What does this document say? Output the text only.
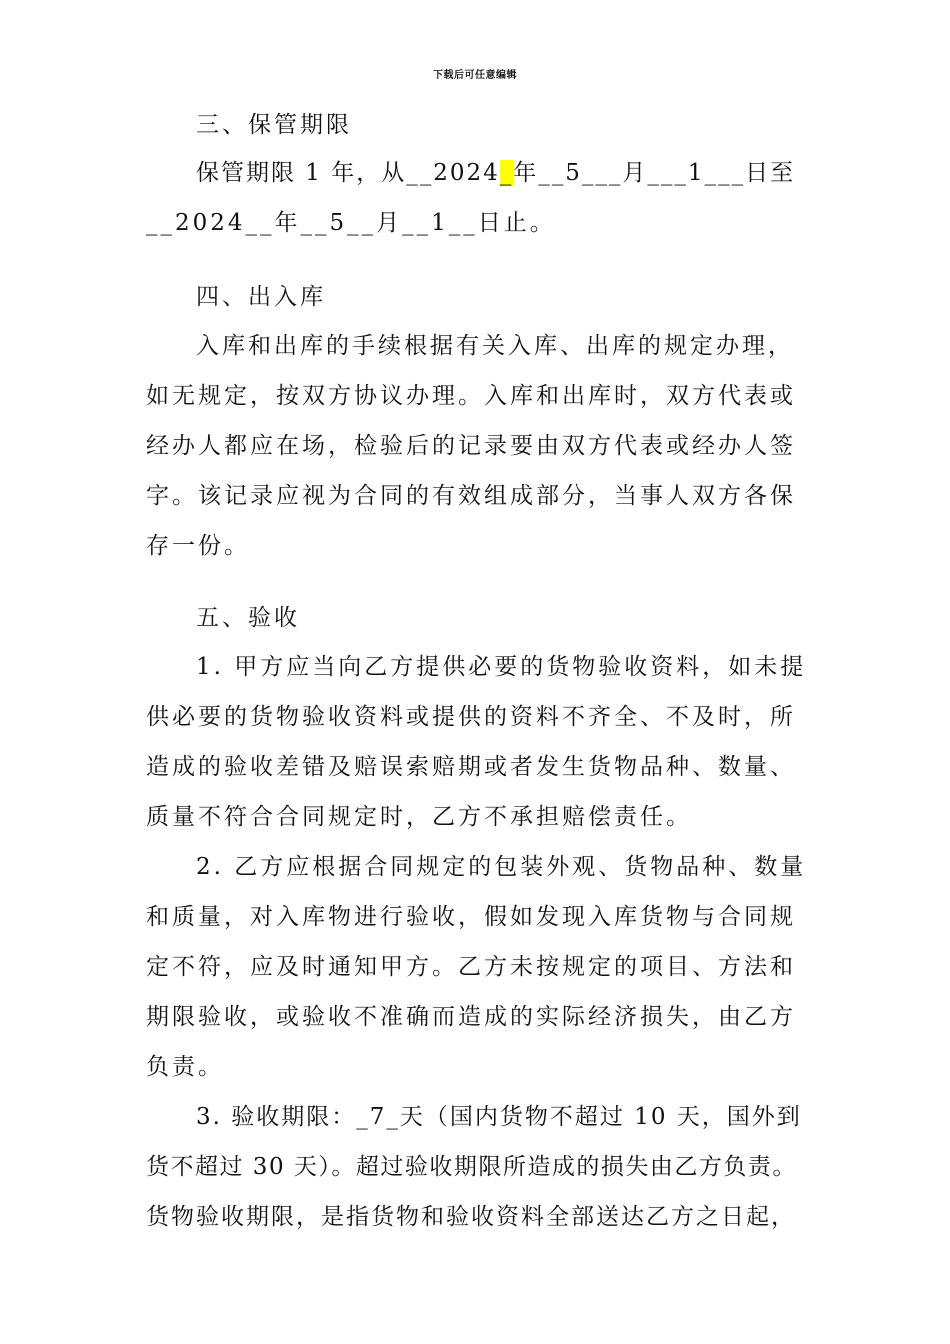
下载后可任意编辑
三、保管期限
保管期限 1 年，从__2024_年__5___月___1___日至
__2024__年__5__月__1__日止。
四、出入库
入库和出库的手续根据有关入库、出库的规定办理，
如无规定，按双方协议办理。入库和出库时，双方代表或
经办人都应在场，检验后的记录要由双方代表或经办人签
字。该记录应视为合同的有效组成部分，当事人双方各保
存一份。
五、验收
1. 甲方应当向乙方提供必要的货物验收资料，如未提
供必要的货物验收资料或提供的资料不齐全、不及时，所
造成的验收差错及赔误索赔期或者发生货物品种、数量、
质量不符合合同规定时，乙方不承担赔偿责任。
2. 乙方应根据合同规定的包装外观、货物品种、数量
和质量，对入库物进行验收，假如发现入库货物与合同规
定不符，应及时通知甲方。乙方未按规定的项目、方法和
期限验收，或验收不准确而造成的实际经济损失，由乙方
负责。
3. 验收期限：_7_天（国内货物不超过 10 天，国外到
货不超过 30 天）。超过验收期限所造成的损失由乙方负责。
货物验收期限，是指货物和验收资料全部送达乙方之日起，
